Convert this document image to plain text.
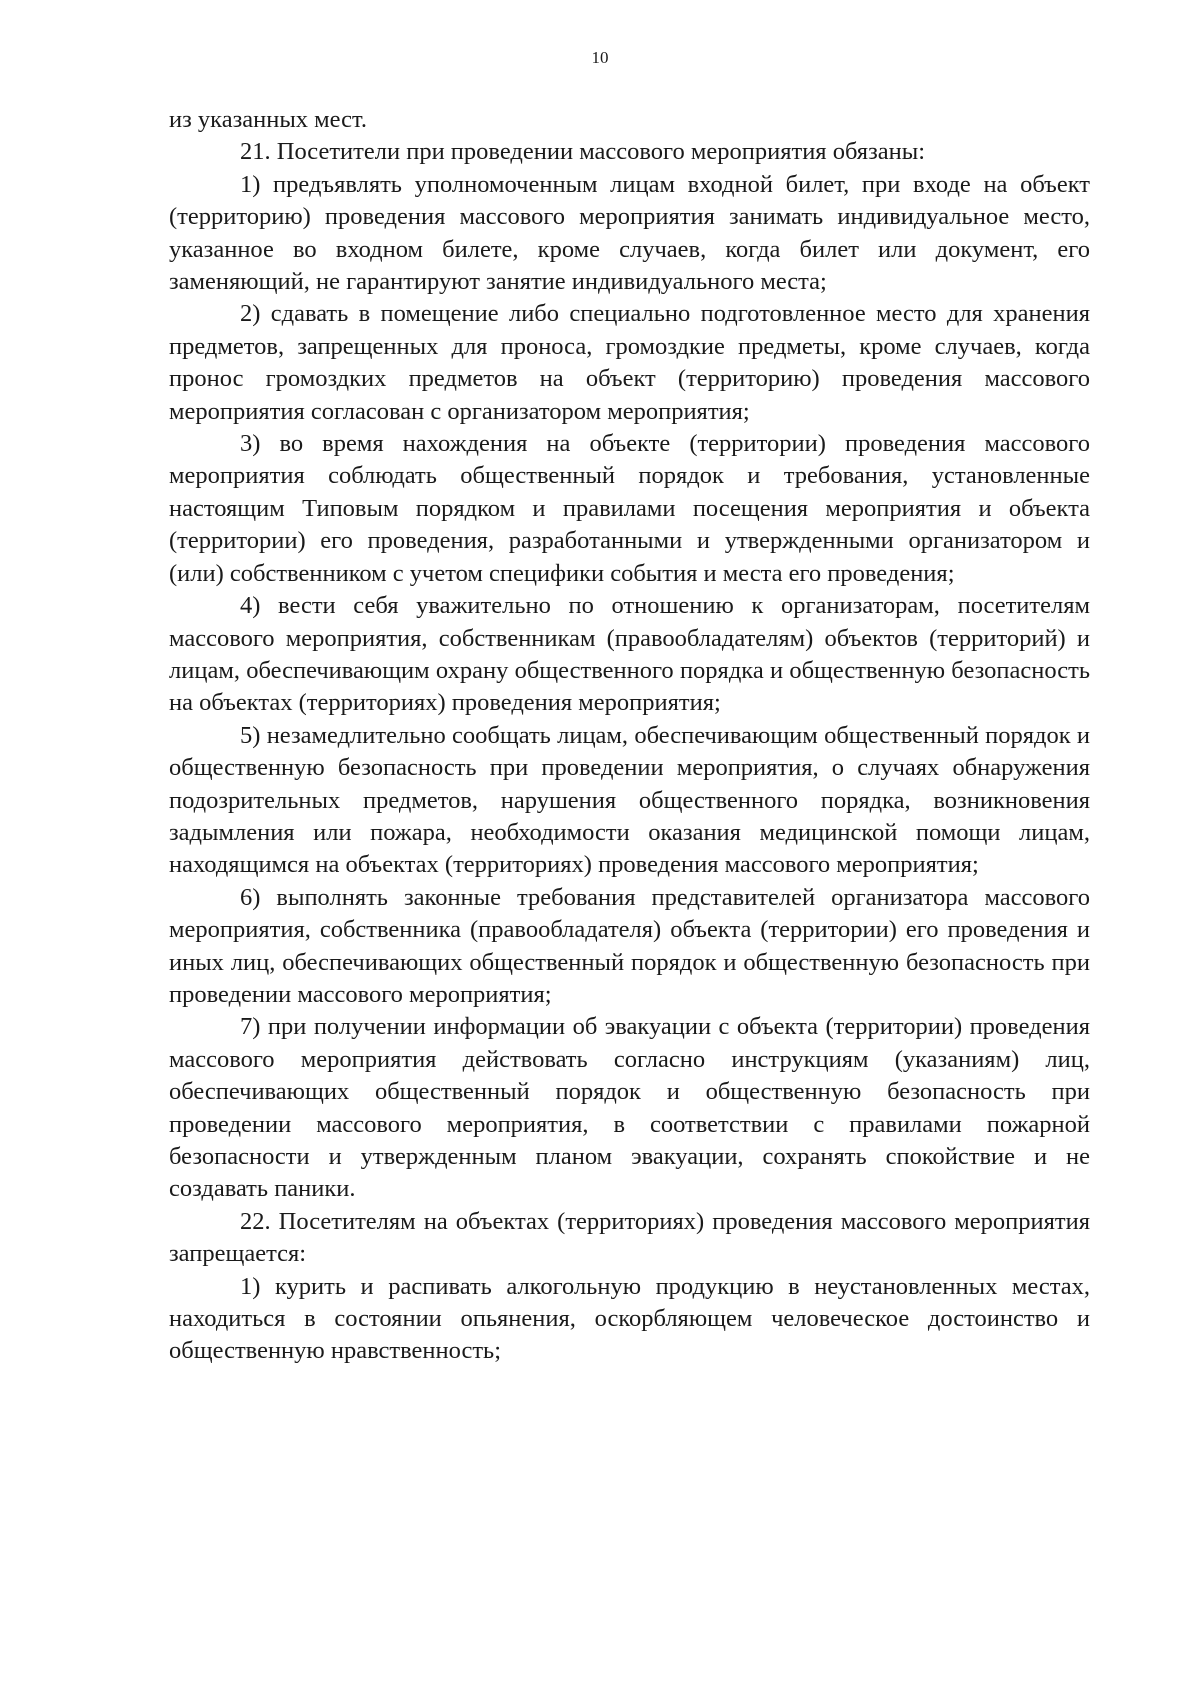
10

из указанных мест.

21. Посетители при проведении массового мероприятия обязаны:

1) предъявлять уполномоченным лицам входной билет, при входе на объект (территорию) проведения массового мероприятия занимать индивидуальное место, указанное во входном билете, кроме случаев, когда билет или документ, его заменяющий, не гарантируют занятие индивидуального места;

2) сдавать в помещение либо специально подготовленное место для хранения предметов, запрещенных для проноса, громоздкие предметы, кроме случаев, когда пронос громоздких предметов на объект (территорию) проведения массового мероприятия согласован с организатором мероприятия;

3) во время нахождения на объекте (территории) проведения массового мероприятия соблюдать общественный порядок и требования, установленные настоящим Типовым порядком и правилами посещения мероприятия и объекта (территории) его проведения, разработанными и утвержденными организатором и (или) собственником с учетом специфики события и места его проведения;

4) вести себя уважительно по отношению к организаторам, посетителям массового мероприятия, собственникам (правообладателям) объектов (территорий) и лицам, обеспечивающим охрану общественного порядка и общественную безопасность на объектах (территориях) проведения мероприятия;

5) незамедлительно сообщать лицам, обеспечивающим общественный порядок и общественную безопасность при проведении мероприятия, о случаях обнаружения подозрительных предметов, нарушения общественного порядка, возникновения задымления или пожара, необходимости оказания медицинской помощи лицам, находящимся на объектах (территориях) проведения массового мероприятия;

6) выполнять законные требования представителей организатора массового мероприятия, собственника (правообладателя) объекта (территории) его проведения и иных лиц, обеспечивающих общественный порядок и общественную безопасность при проведении массового мероприятия;

7) при получении информации об эвакуации с объекта (территории) проведения массового мероприятия действовать согласно инструкциям (указаниям) лиц, обеспечивающих общественный порядок и общественную безопасность при проведении массового мероприятия, в соответствии с правилами пожарной безопасности и утвержденным планом эвакуации, сохранять спокойствие и не создавать паники.

22. Посетителям на объектах (территориях) проведения массового мероприятия запрещается:

1) курить и распивать алкогольную продукцию в неустановленных местах, находиться в состоянии опьянения, оскорбляющем человеческое достоинство и общественную нравственность;
